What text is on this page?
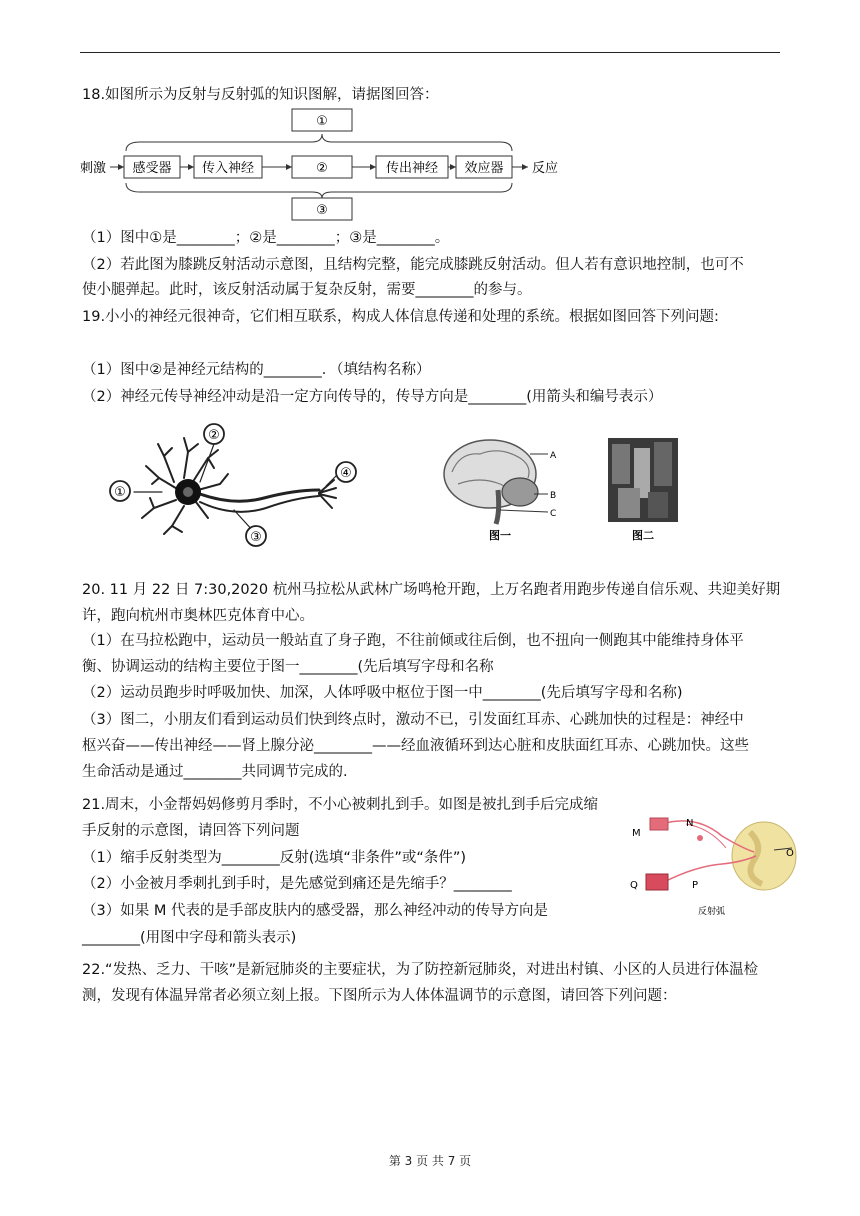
18.如图所示为反射与反射弧的知识图解，请据图回答：
刺激	反应
感受器 传入神经	②	传出神经 效应器
①
③
（1）图中①是________；②是________；③是________。
（2）若此图为膝跳反射活动示意图，且结构完整，能完成膝跳反射活动。但人若有意识地控制，也可不
使小腿弹起。此时，该反射活动属于复杂反射，需要________的参与。
19.小小的神经元很神奇，它们相互联系，构成人体信息传递和处理的系统。根据如图回答下列问题:
（1）图中②是神经元结构的________．（填结构名称）
（2）神经元传导神经冲动是沿一定方向传导的，传导方向是________(用箭头和编号表示）
①
②
③
④
A
B
C
图一	图二
20. 11 月 22 日 7:30,2020 杭州马拉松从武林广场鸣枪开跑，上万名跑者用跑步传递自信乐观、共迎美好期
许，跑向杭州市奥林匹克体育中心。
（1）在马拉松跑中，运动员一般站直了身子跑，不往前倾或往后倒，也不扭向一侧跑其中能维持身体平
衡、协调运动的结构主要位于图一________(先后填写字母和名称
（2）运动员跑步时呼吸加快、加深，人体呼吸中枢位于图一中________(先后填写字母和名称)
（3）图二，小朋友们看到运动员们快到终点时，激动不已，引发面红耳赤、心跳加快的过程是：神经中
枢兴奋——传出神经——肾上腺分泌________——经血液循环到达心脏和皮肤面红耳赤、心跳加快。这些
生命活动是通过________共同调节完成的.
21.周末，小金帮妈妈修剪月季时，不小心被刺扎到手。如图是被扎到手后完成缩
手反射的示意图，请回答下列问题
（1）缩手反射类型为________反射(选填“非条件”或“条件”)
（2）小金被月季刺扎到手时，是先感觉到痛还是先缩手？________
（3）如果 M 代表的是手部皮肤内的感受器，那么神经冲动的传导方向是
________(用图中字母和箭头表示)
M
N
O
P
Q
反射弧
22.“发热、乏力、干咳”是新冠肺炎的主要症状，为了防控新冠肺炎，对进出村镇、小区的人员进行体温检
测，发现有体温异常者必须立刻上报。下图所示为人体体温调节的示意图，请回答下列问题：
第 3 页 共 7 页
